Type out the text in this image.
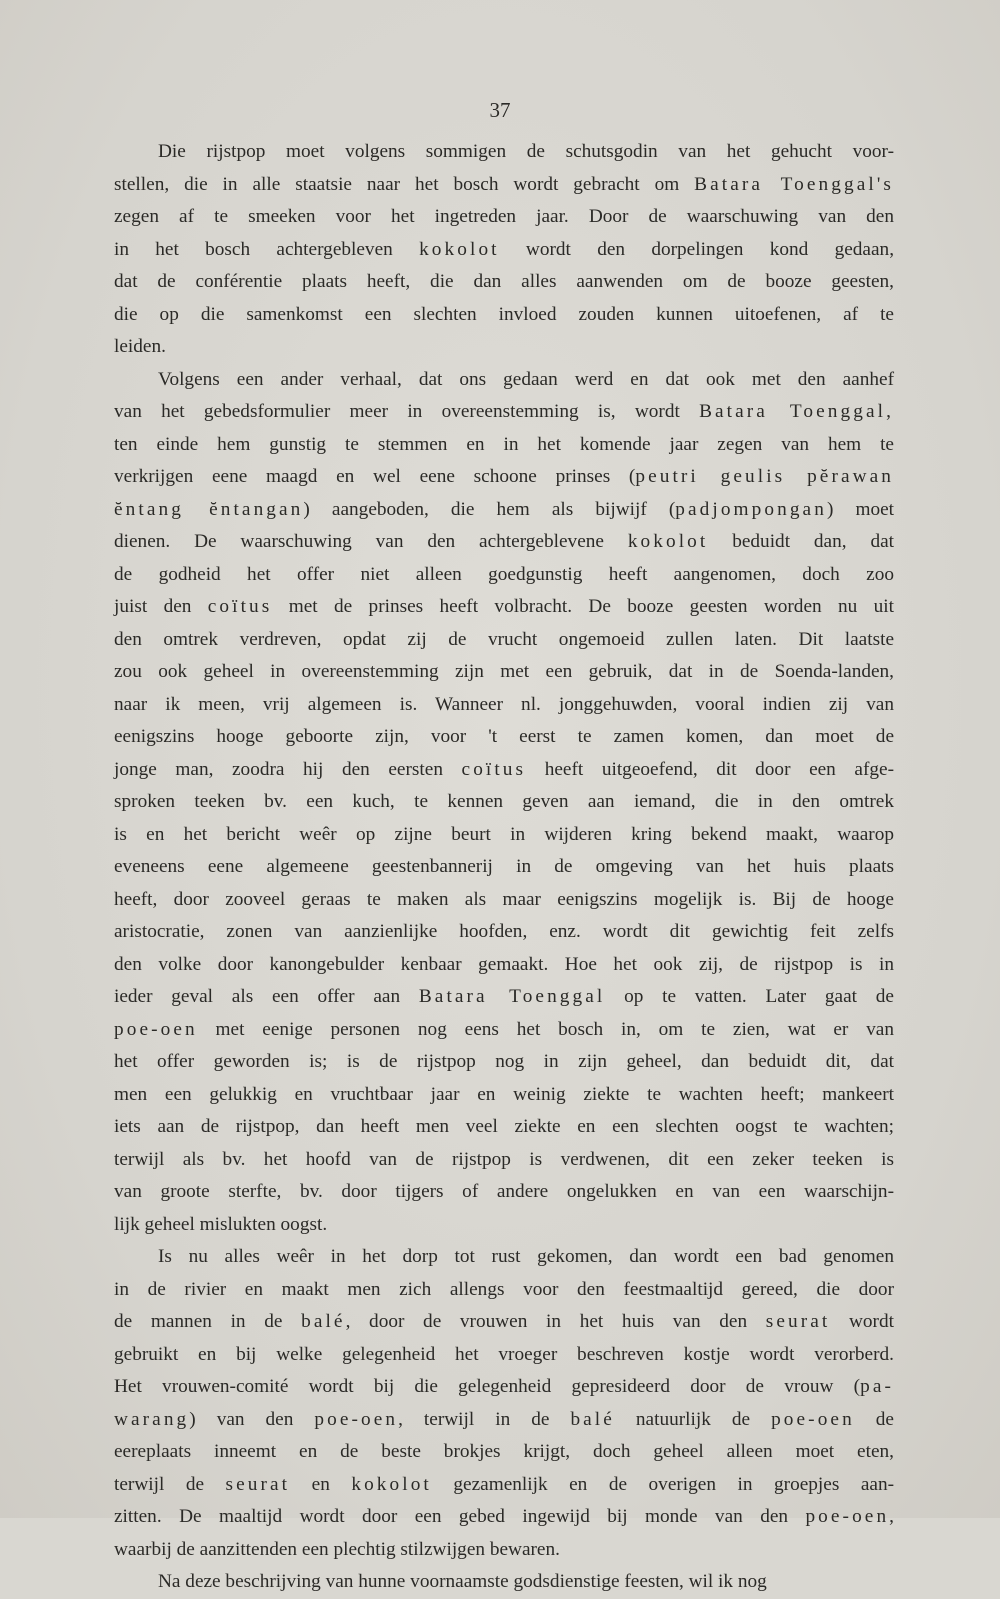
37
Die rijstpop moet volgens sommigen de schutsgodin van het gehucht voor-
stellen, die in alle staatsie naar het bosch wordt gebracht om Batara Toenggal's
zegen af te smeeken voor het ingetreden jaar. Door de waarschuwing van den
in het bosch achtergebleven kokolot wordt den dorpelingen kond gedaan,
dat de conférentie plaats heeft, die dan alles aanwenden om de booze geesten,
die op die samenkomst een slechten invloed zouden kunnen uitoefenen, af te
leiden.
Volgens een ander verhaal, dat ons gedaan werd en dat ook met den aanhef
van het gebedsformulier meer in overeenstemming is, wordt Batara Toenggal,
ten einde hem gunstig te stemmen en in het komende jaar zegen van hem te
verkrijgen eene maagd en wel eene schoone prinses (peutri geulis pĕrawan
ĕntang ĕntangan) aangeboden, die hem als bijwijf (padjompongan) moet
dienen. De waarschuwing van den achtergeblevene kokolot beduidt dan, dat
de godheid het offer niet alleen goedgunstig heeft aangenomen, doch zoo
juist den coïtus met de prinses heeft volbracht. De booze geesten worden nu uit
den omtrek verdreven, opdat zij de vrucht ongemoeid zullen laten. Dit laatste
zou ook geheel in overeenstemming zijn met een gebruik, dat in de Soenda-landen,
naar ik meen, vrij algemeen is. Wanneer nl. jonggehuwden, vooral indien zij van
eenigszins hooge geboorte zijn, voor 't eerst te zamen komen, dan moet de
jonge man, zoodra hij den eersten coïtus heeft uitgeoefend, dit door een afge-
sproken teeken bv. een kuch, te kennen geven aan iemand, die in den omtrek
is en het bericht weêr op zijne beurt in wijderen kring bekend maakt, waarop
eveneens eene algemeene geestenbannerij in de omgeving van het huis plaats
heeft, door zooveel geraas te maken als maar eenigszins mogelijk is. Bij de hooge
aristocratie, zonen van aanzienlijke hoofden, enz. wordt dit gewichtig feit zelfs
den volke door kanongebulder kenbaar gemaakt. Hoe het ook zij, de rijstpop is in
ieder geval als een offer aan Batara Toenggal op te vatten. Later gaat de
poe-oen met eenige personen nog eens het bosch in, om te zien, wat er van
het offer geworden is; is de rijstpop nog in zijn geheel, dan beduidt dit, dat
men een gelukkig en vruchtbaar jaar en weinig ziekte te wachten heeft; mankeert
iets aan de rijstpop, dan heeft men veel ziekte en een slechten oogst te wachten;
terwijl als bv. het hoofd van de rijstpop is verdwenen, dit een zeker teeken is
van groote sterfte, bv. door tijgers of andere ongelukken en van een waarschijn-
lijk geheel mislukten oogst.
Is nu alles weêr in het dorp tot rust gekomen, dan wordt een bad genomen
in de rivier en maakt men zich allengs voor den feestmaaltijd gereed, die door
de mannen in de balé, door de vrouwen in het huis van den seurat wordt
gebruikt en bij welke gelegenheid het vroeger beschreven kostje wordt verorberd.
Het vrouwen-comité wordt bij die gelegenheid gepresideerd door de vrouw (pa-
warang) van den poe-oen, terwijl in de balé natuurlijk de poe-oen de
eereplaats inneemt en de beste brokjes krijgt, doch geheel alleen moet eten,
terwijl de seurat en kokolot gezamenlijk en de overigen in groepjes aan-
zitten. De maaltijd wordt door een gebed ingewijd bij monde van den poe-oen,
waarbij de aanzittenden een plechtig stilzwijgen bewaren.
Na deze beschrijving van hunne voornaamste godsdienstige feesten, wil ik nog
